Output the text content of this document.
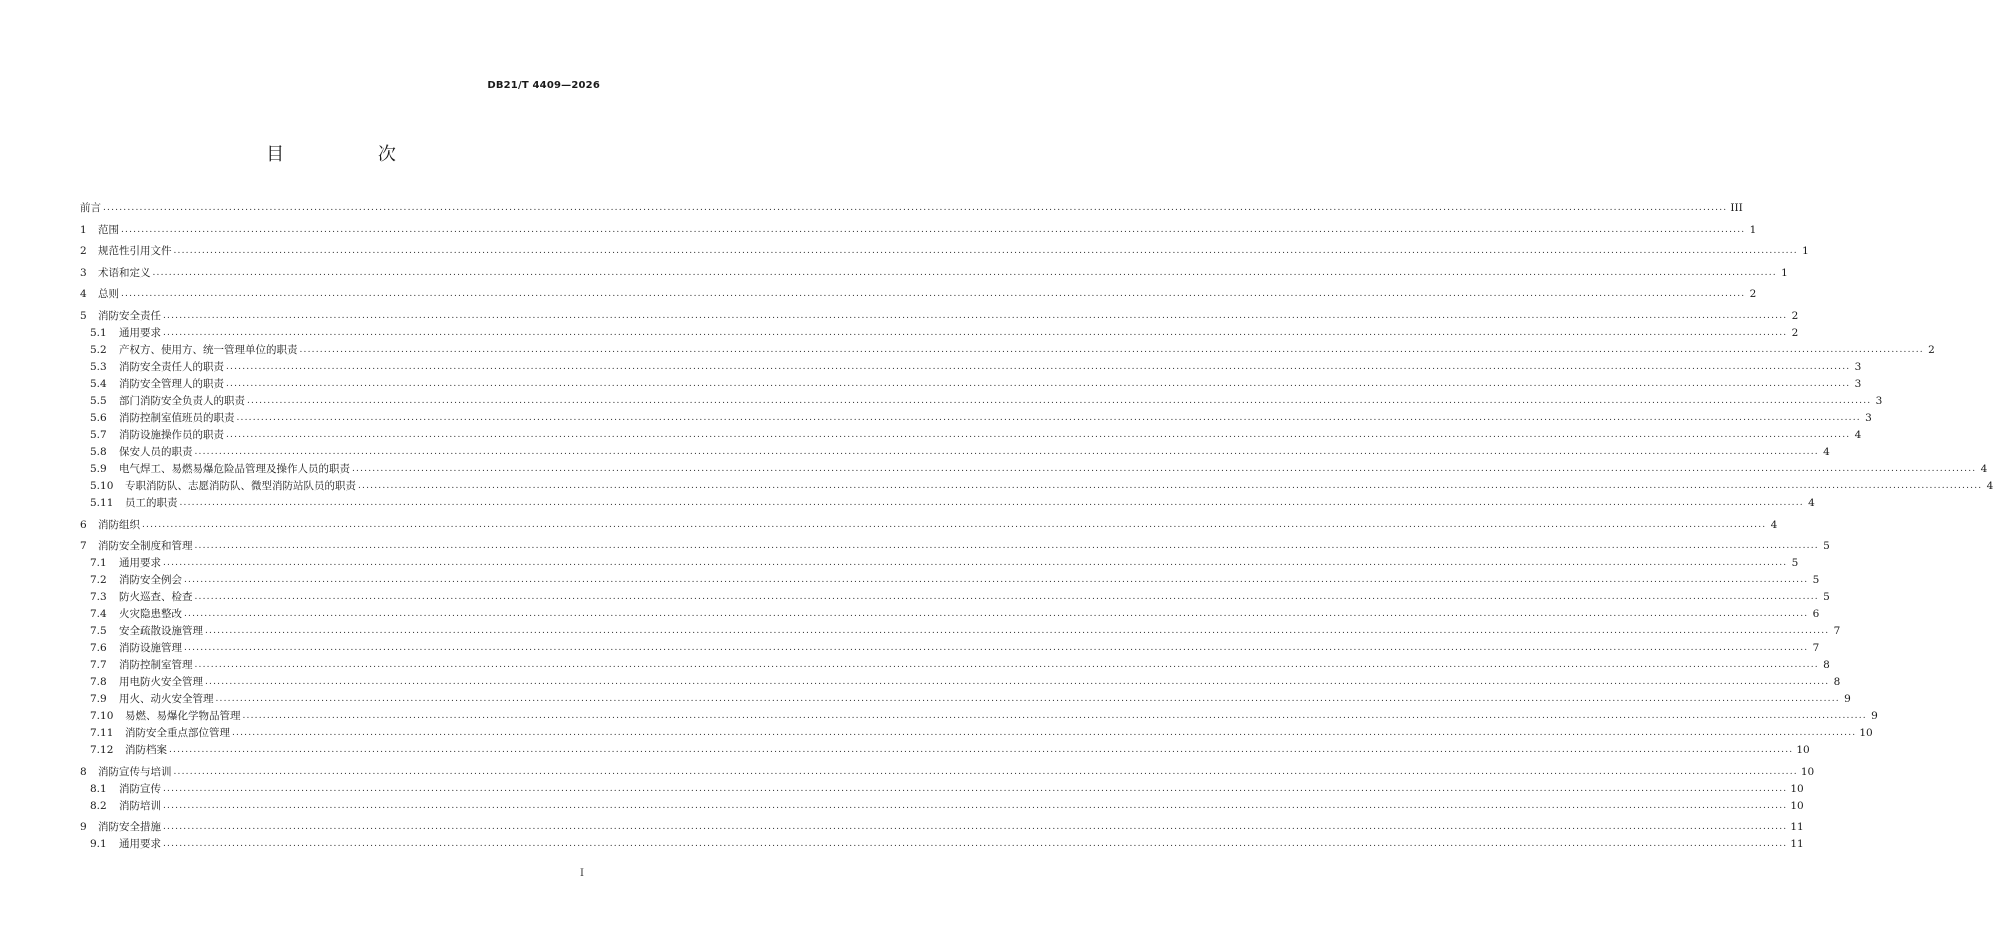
DB21/T 4409—2026
目 次
前言 ................................................................................................................................................................................................................................................................................................................................................................................................................ III
1	范围 ................................................................................................................................................................................................................................................................................................................................................................................................................ 1
2	规范性引用文件 ................................................................................................................................................................................................................................................................................................................................................................................................................ 1
3	术语和定义 ................................................................................................................................................................................................................................................................................................................................................................................................................ 1
4	总则 ................................................................................................................................................................................................................................................................................................................................................................................................................ 2
5	消防安全责任 ................................................................................................................................................................................................................................................................................................................................................................................................................ 2
5.1	通用要求 ................................................................................................................................................................................................................................................................................................................................................................................................................ 2
5.2	产权方、使用方、统一管理单位的职责 ................................................................................................................................................................................................................................................................................................................................................................................................................ 2
5.3	消防安全责任人的职责 ................................................................................................................................................................................................................................................................................................................................................................................................................ 3
5.4	消防安全管理人的职责 ................................................................................................................................................................................................................................................................................................................................................................................................................ 3
5.5	部门消防安全负责人的职责 ................................................................................................................................................................................................................................................................................................................................................................................................................ 3
5.6	消防控制室值班员的职责 ................................................................................................................................................................................................................................................................................................................................................................................................................ 3
5.7	消防设施操作员的职责 ................................................................................................................................................................................................................................................................................................................................................................................................................ 4
5.8	保安人员的职责 ................................................................................................................................................................................................................................................................................................................................................................................................................ 4
5.9	电气焊工、易燃易爆危险品管理及操作人员的职责 ................................................................................................................................................................................................................................................................................................................................................................................................................ 4
5.10	专职消防队、志愿消防队、微型消防站队员的职责 ................................................................................................................................................................................................................................................................................................................................................................................................................ 4
5.11	员工的职责 ................................................................................................................................................................................................................................................................................................................................................................................................................ 4
6	消防组织 ................................................................................................................................................................................................................................................................................................................................................................................................................ 4
7	消防安全制度和管理 ................................................................................................................................................................................................................................................................................................................................................................................................................ 5
7.1	通用要求 ................................................................................................................................................................................................................................................................................................................................................................................................................ 5
7.2	消防安全例会 ................................................................................................................................................................................................................................................................................................................................................................................................................ 5
7.3	防火巡查、检查 ................................................................................................................................................................................................................................................................................................................................................................................................................ 5
7.4	火灾隐患整改 ................................................................................................................................................................................................................................................................................................................................................................................................................ 6
7.5	安全疏散设施管理 ................................................................................................................................................................................................................................................................................................................................................................................................................ 7
7.6	消防设施管理 ................................................................................................................................................................................................................................................................................................................................................................................................................ 7
7.7	消防控制室管理 ................................................................................................................................................................................................................................................................................................................................................................................................................ 8
7.8	用电防火安全管理 ................................................................................................................................................................................................................................................................................................................................................................................................................ 8
7.9	用火、动火安全管理 ................................................................................................................................................................................................................................................................................................................................................................................................................ 9
7.10	易燃、易爆化学物品管理 ................................................................................................................................................................................................................................................................................................................................................................................................................ 9
7.11	消防安全重点部位管理 ................................................................................................................................................................................................................................................................................................................................................................................................................ 10
7.12	消防档案 ................................................................................................................................................................................................................................................................................................................................................................................................................ 10
8	消防宣传与培训 ................................................................................................................................................................................................................................................................................................................................................................................................................ 10
8.1	消防宣传 ................................................................................................................................................................................................................................................................................................................................................................................................................ 10
8.2	消防培训 ................................................................................................................................................................................................................................................................................................................................................................................................................ 10
9	消防安全措施 ................................................................................................................................................................................................................................................................................................................................................................................................................ 11
9.1	通用要求 ................................................................................................................................................................................................................................................................................................................................................................................................................ 11
I
